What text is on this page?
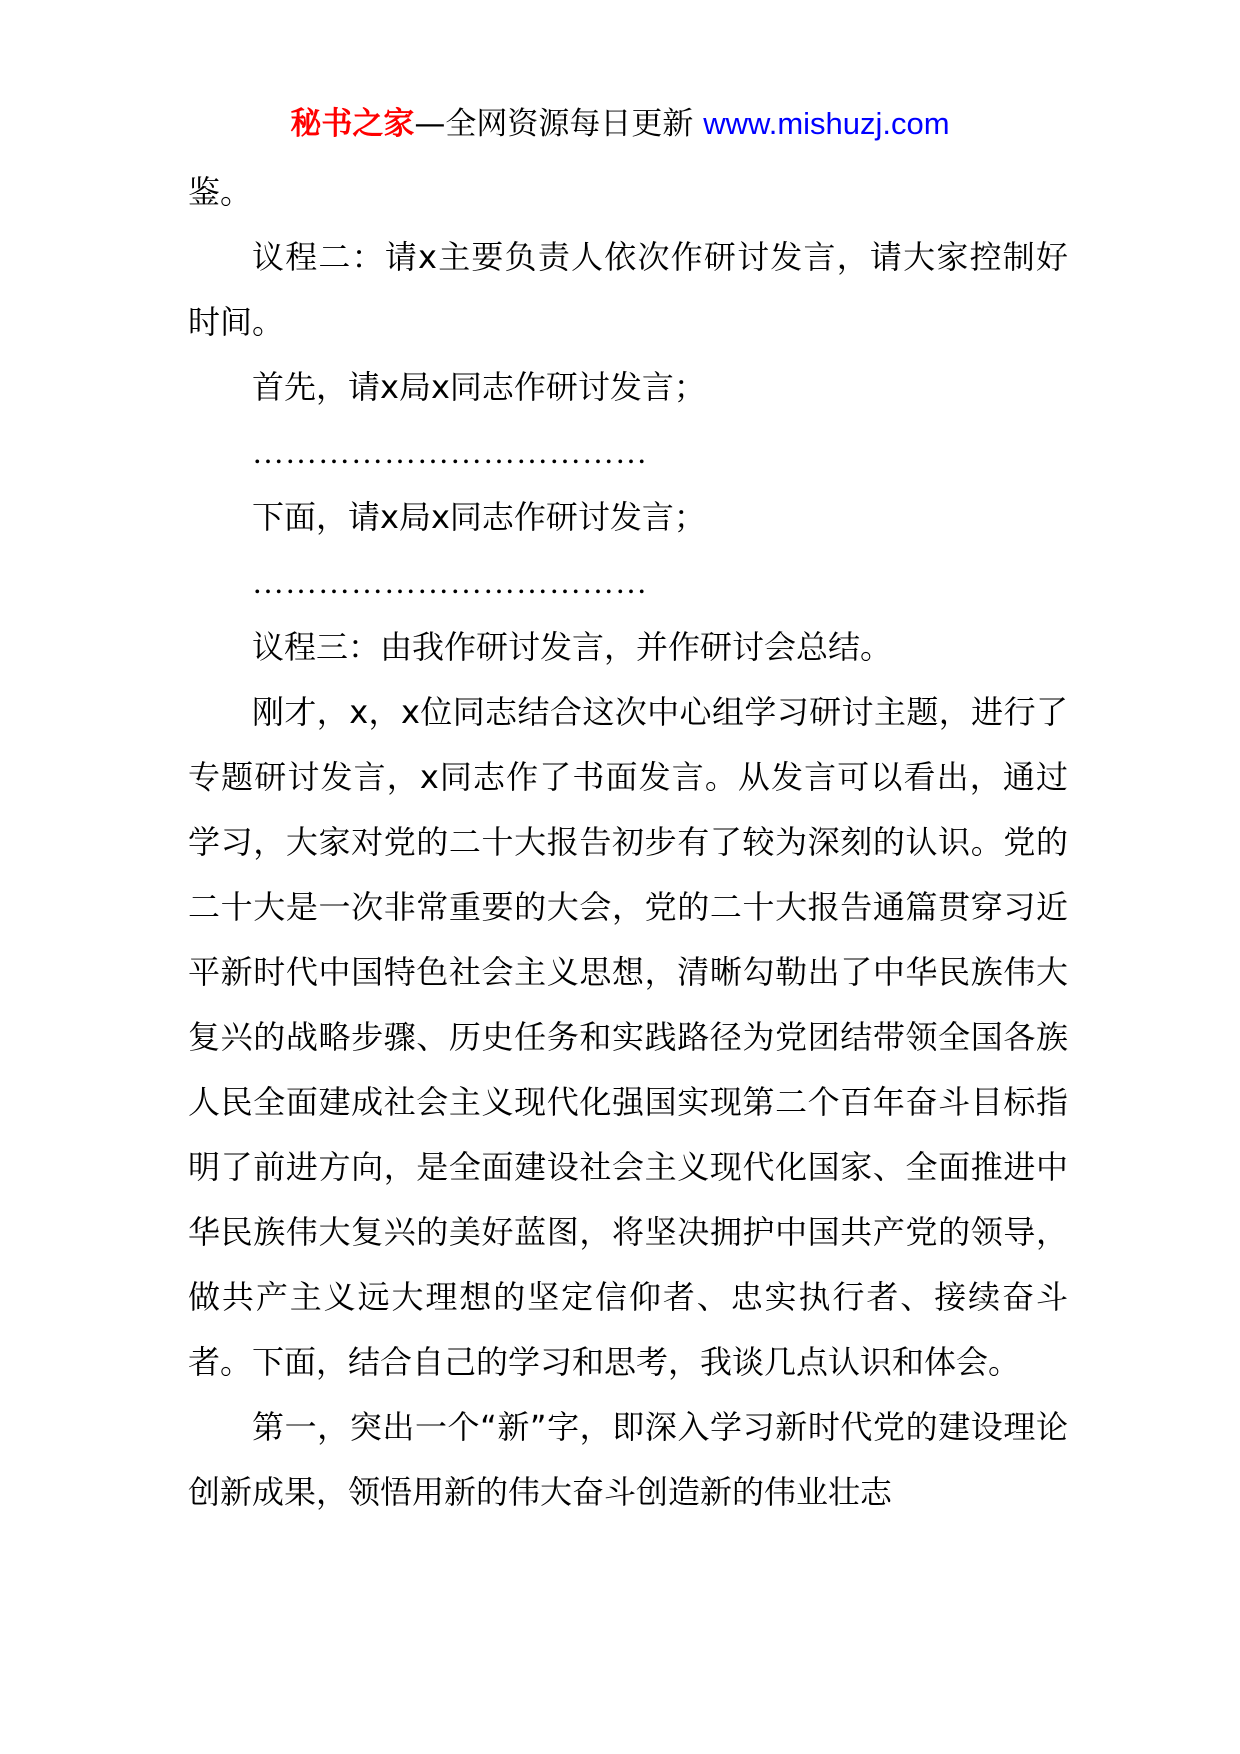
秘书之家—全网资源每日更新 www.mishuzj.com

鉴。

议程二：请x主要负责人依次作研讨发言，请大家控制好时间。

首先，请x局x同志作研讨发言；

………………………………

下面，请x局x同志作研讨发言；

………………………………

议程三：由我作研讨发言，并作研讨会总结。

刚才，x，x位同志结合这次中心组学习研讨主题，进行了专题研讨发言，x同志作了书面发言。从发言可以看出，通过学习，大家对党的二十大报告初步有了较为深刻的认识。党的二十大是一次非常重要的大会，党的二十大报告通篇贯穿习近平新时代中国特色社会主义思想，清晰勾勒出了中华民族伟大复兴的战略步骤、历史任务和实践路径为党团结带领全国各族人民全面建成社会主义现代化强国实现第二个百年奋斗目标指明了前进方向，是全面建设社会主义现代化国家、全面推进中华民族伟大复兴的美好蓝图，将坚决拥护中国共产党的领导，做共产主义远大理想的坚定信仰者、忠实执行者、接续奋斗者。下面，结合自己的学习和思考，我谈几点认识和体会。

第一，突出一个“新”字，即深入学习新时代党的建设理论创新成果，领悟用新的伟大奋斗创造新的伟业壮志
